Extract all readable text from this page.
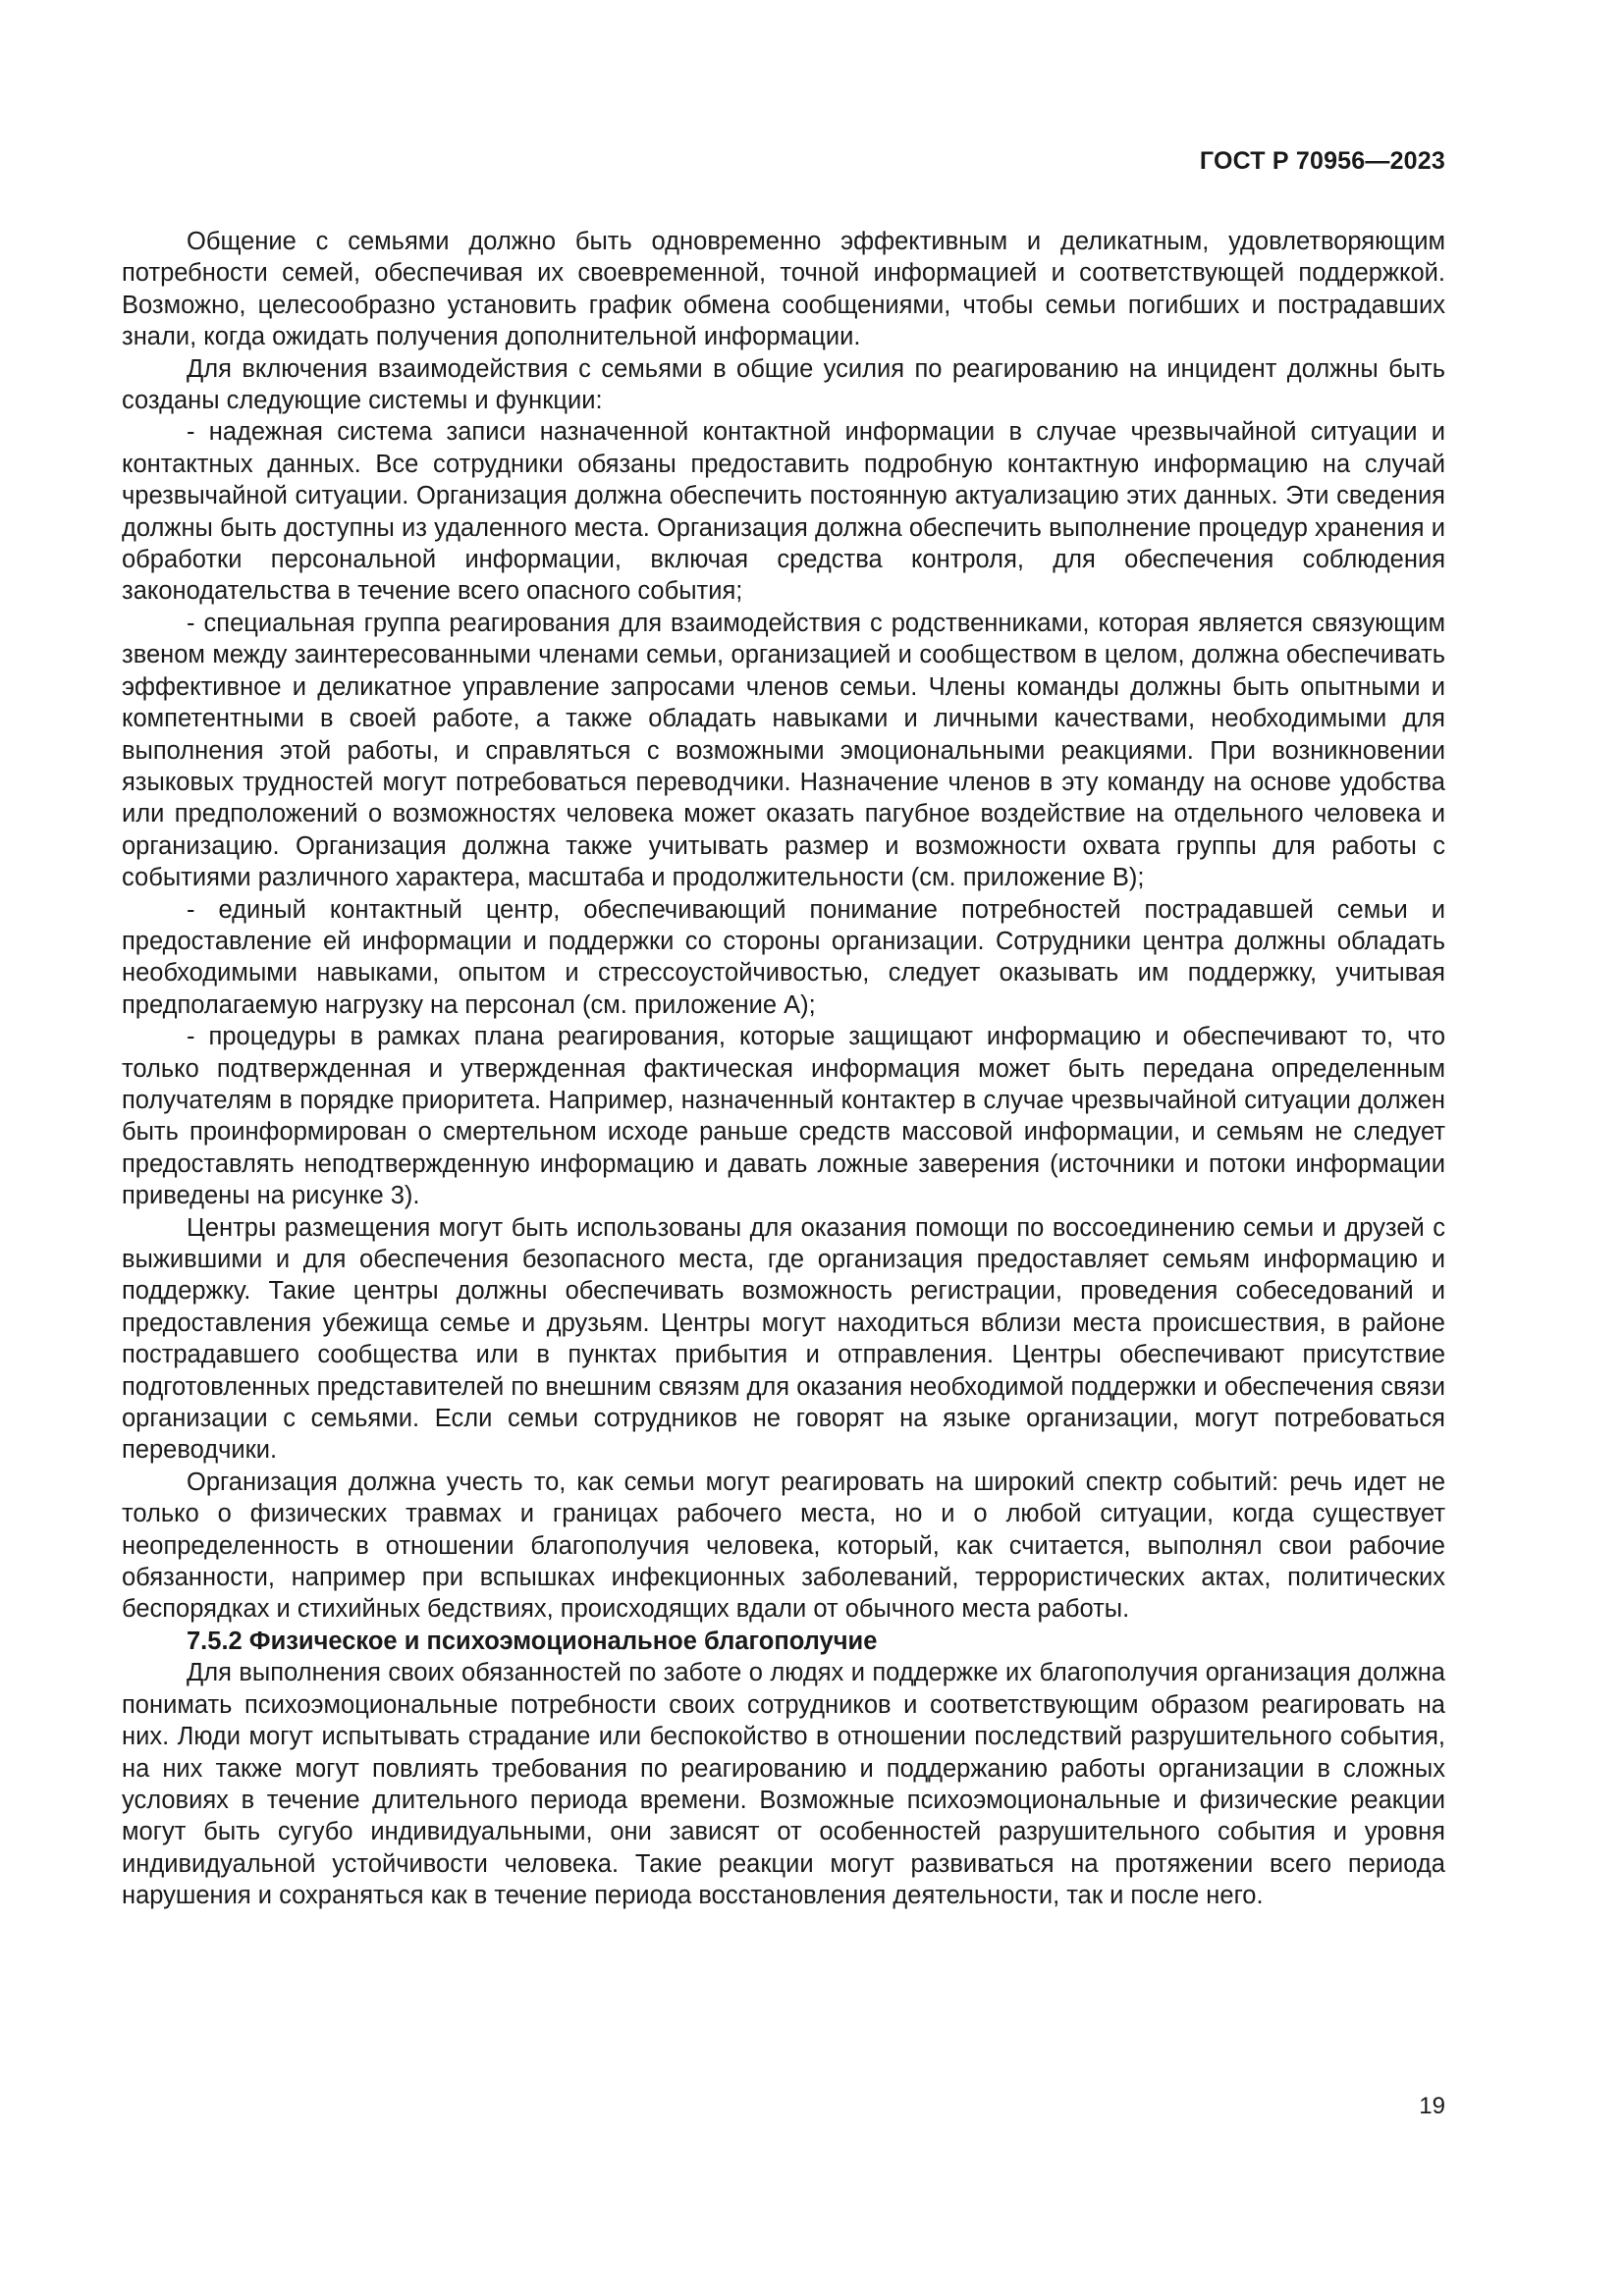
ГОСТ Р 70956—2023

Общение с семьями должно быть одновременно эффективным и деликатным, удовлетворяющим потребности семей, обеспечивая их своевременной, точной информацией и соответствующей поддержкой. Возможно, целесообразно установить график обмена сообщениями, чтобы семьи погибших и пострадавших знали, когда ожидать получения дополнительной информации.

Для включения взаимодействия с семьями в общие усилия по реагированию на инцидент должны быть созданы следующие системы и функции:

- надежная система записи назначенной контактной информации в случае чрезвычайной ситуации и контактных данных. Все сотрудники обязаны предоставить подробную контактную информацию на случай чрезвычайной ситуации. Организация должна обеспечить постоянную актуализацию этих данных. Эти сведения должны быть доступны из удаленного места. Организация должна обеспечить выполнение процедур хранения и обработки персональной информации, включая средства контроля, для обеспечения соблюдения законодательства в течение всего опасного события;

- специальная группа реагирования для взаимодействия с родственниками, которая является связующим звеном между заинтересованными членами семьи, организацией и сообществом в целом, должна обеспечивать эффективное и деликатное управление запросами членов семьи. Члены команды должны быть опытными и компетентными в своей работе, а также обладать навыками и личными качествами, необходимыми для выполнения этой работы, и справляться с возможными эмоциональными реакциями. При возникновении языковых трудностей могут потребоваться переводчики. Назначение членов в эту команду на основе удобства или предположений о возможностях человека может оказать пагубное воздействие на отдельного человека и организацию. Организация должна также учитывать размер и возможности охвата группы для работы с событиями различного характера, масштаба и продолжительности (см. приложение В);

- единый контактный центр, обеспечивающий понимание потребностей пострадавшей семьи и предоставление ей информации и поддержки со стороны организации. Сотрудники центра должны обладать необходимыми навыками, опытом и стрессоустойчивостью, следует оказывать им поддержку, учитывая предполагаемую нагрузку на персонал (см. приложение А);

- процедуры в рамках плана реагирования, которые защищают информацию и обеспечивают то, что только подтвержденная и утвержденная фактическая информация может быть передана определенным получателям в порядке приоритета. Например, назначенный контактер в случае чрезвычайной ситуации должен быть проинформирован о смертельном исходе раньше средств массовой информации, и семьям не следует предоставлять неподтвержденную информацию и давать ложные заверения (источники и потоки информации приведены на рисунке 3).

Центры размещения могут быть использованы для оказания помощи по воссоединению семьи и друзей с выжившими и для обеспечения безопасного места, где организация предоставляет семьям информацию и поддержку. Такие центры должны обеспечивать возможность регистрации, проведения собеседований и предоставления убежища семье и друзьям. Центры могут находиться вблизи места происшествия, в районе пострадавшего сообщества или в пунктах прибытия и отправления. Центры обеспечивают присутствие подготовленных представителей по внешним связям для оказания необходимой поддержки и обеспечения связи организации с семьями. Если семьи сотрудников не говорят на языке организации, могут потребоваться переводчики.

Организация должна учесть то, как семьи могут реагировать на широкий спектр событий: речь идет не только о физических травмах и границах рабочего места, но и о любой ситуации, когда существует неопределенность в отношении благополучия человека, который, как считается, выполнял свои рабочие обязанности, например при вспышках инфекционных заболеваний, террористических актах, политических беспорядках и стихийных бедствиях, происходящих вдали от обычного места работы.

7.5.2 Физическое и психоэмоциональное благополучие

Для выполнения своих обязанностей по заботе о людях и поддержке их благополучия организация должна понимать психоэмоциональные потребности своих сотрудников и соответствующим образом реагировать на них. Люди могут испытывать страдание или беспокойство в отношении последствий разрушительного события, на них также могут повлиять требования по реагированию и поддержанию работы организации в сложных условиях в течение длительного периода времени. Возможные психоэмоциональные и физические реакции могут быть сугубо индивидуальными, они зависят от особенностей разрушительного события и уровня индивидуальной устойчивости человека. Такие реакции могут развиваться на протяжении всего периода нарушения и сохраняться как в течение периода восстановления деятельности, так и после него.

19
